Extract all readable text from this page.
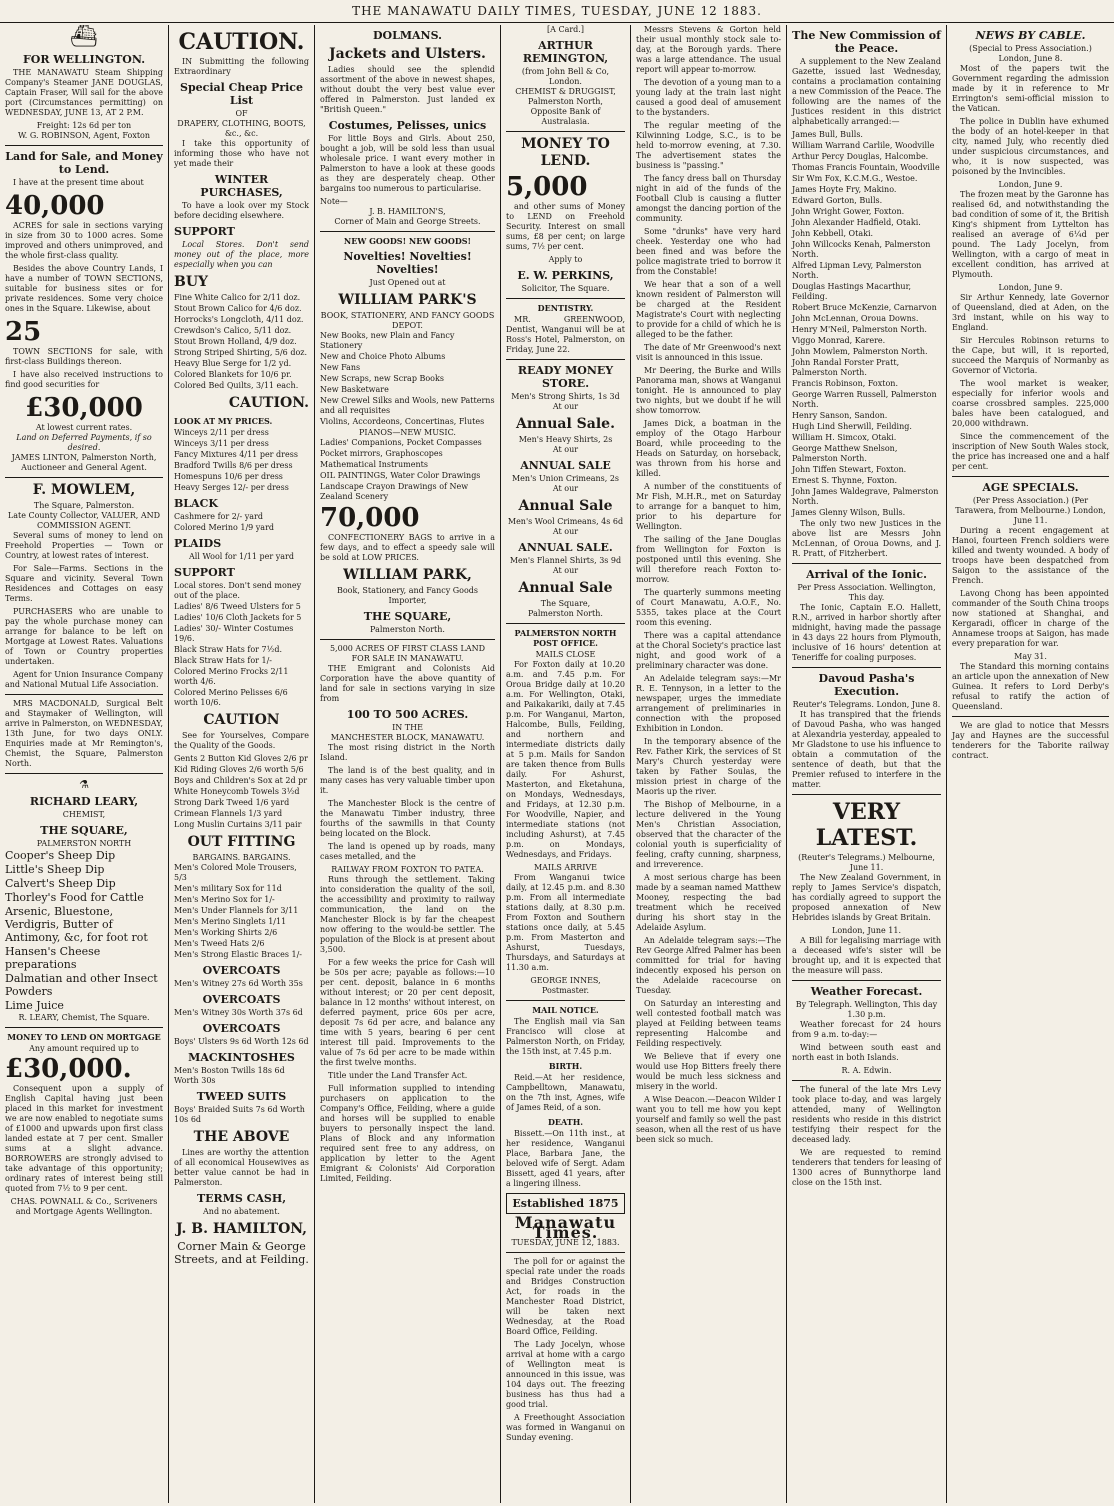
THE MANAWATU DAILY TIMES, TUESDAY, JUNE 12 1883.
⛴
FOR WELLINGTON.

THE MANAWATU Steam Shipping Company's Steamer JANE DOUGLAS, Captain Fraser, Will sail for the above port (Circumstances permitting) on WEDNESDAY, JUNE 13, AT 2 P.M.

Freight: 12s 6d per ton
W. G. ROBINSON, Agent, Foxton
Land for Sale, and Money to Lend.

I have at the present time about

40,000

ACRES for sale in sections varying in size from 30 to 1000 acres. Some improved and others unimproved, and the whole first-class quality.

Besides the above Country Lands, I have a number of TOWN SECTIONS, suitable for business sites or for private residences. Some very choice ones in the Square. Likewise, about

25

TOWN SECTIONS for sale, with first-class Buildings thereon.

I have also received instructions to find good securities for

£30,000
At lowest current rates.
Land on Deferred Payments, if so desired.
JAMES LINTON, Palmerston North, Auctioneer and General Agent.
F. MOWLEM,
The Square, Palmerston.
Late County Collector, VALUER, AND COMMISSION AGENT.

Several sums of money to lend on Freehold Properties — Town or Country, at lowest rates of interest.

For Sale—Farms. Sections in the Square and vicinity. Several Town Residences and Cottages on easy Terms.

PURCHASERS who are unable to pay the whole purchase money can arrange for balance to be left on Mortgage at Lowest Rates. Valuations of Town or Country properties undertaken.

Agent for Union Insurance Company and National Mutual Life Association.

MRS MACDONALD, Surgical Belt and Staymaker of Wellington, will arrive in Palmerston, on WEDNESDAY, 13th June, for two days ONLY. Enquiries made at Mr Remington's, Chemist, the Square, Palmerston North.

⚗
RICHARD LEARY,
CHEMIST,
THE SQUARE,
PALMERSTON NORTH
Cooper's Sheep Dip
Little's Sheep Dip
Calvert's Sheep Dip
Thorley's Food for Cattle
Arsenic, Bluestone, Verdigris, Butter of Antimony, &c, for foot rot
Hansen's Cheese preparations
Dalmatian and other Insect Powders
Lime Juice
R. LEARY, Chemist, The Square.
MONEY TO LEND ON MORTGAGE
Any amount required up to
£30,000.

Consequent upon a supply of English Capital having just been placed in this market for investment we are now enabled to negotiate sums of £1000 and upwards upon first class landed estate at 7 per cent. Smaller sums at a slight advance. BORROWERS are strongly advised to take advantage of this opportunity; ordinary rates of interest being still quoted from 7½ to 9 per cent.

CHAS. POWNALL & Co., Scriveners and Mortgage Agents Wellington.
CAUTION.

IN Submitting the following Extraordinary

Special Cheap Price List
OF
DRAPERY, CLOTHING, BOOTS, &c., &c.

I take this opportunity of informing those who have not yet made their

WINTER PURCHASES,

To have a look over my Stock before deciding elsewhere.

SUPPORT

Local Stores. Don't send money out of the place, more especially when you can

BUY
Fine White Calico for 2/11 doz.
Stout Brown Calico for 4/6 doz.
Horrocks's Longcloth, 4/11 doz.
Crewdson's Calico, 5/11 doz.
Stout Brown Holland, 4/9 doz.
Strong Striped Shirting, 5/6 doz.
Heavy Blue Serge for 1/2 yd.
Colored Blankets for 10/6 pr.
Colored Bed Quilts, 3/11 each.
CAUTION.
LOOK AT MY PRICES.
Winceys 2/11 per dress
Winceys 3/11 per dress
Fancy Mixtures 4/11 per dress
Bradford Twills 8/6 per dress
Homespuns 10/6 per dress
Heavy Serges 12/- per dress
BLACK
Cashmere for 2/- yard
Colored Merino 1/9 yard
PLAIDS
All Wool for 1/11 per yard
SUPPORT
Local stores. Don't send money out of the place.
Ladies' 8/6 Tweed Ulsters for 5
Ladies' 10/6 Cloth Jackets for 5
Ladies' 30/- Winter Costumes 19/6.
Black Straw Hats for 7½d.
Black Straw Hats for 1/-
Colored Merino Frocks 2/11 worth 4/6.
Colored Merino Pelisses 6/6 worth 10/6.
CAUTION

See for Yourselves, Compare the Quality of the Goods.

Gents 2 Button Kid Gloves 2/6 pr
Kid Riding Gloves 2/6 worth 5/6
Boys and Children's Sox at 2d pr
White Honeycomb Towels 3½d
Strong Dark Tweed 1/6 yard
Crimean Flannels 1/3 yard
Long Muslin Curtains 3/11 pair
OUT FITTING
BARGAINS. BARGAINS.
Men's Colored Mole Trousers, 5/3
Men's military Sox for 11d
Men's Merino Sox for 1/-
Men's Under Flannels for 3/11
Men's Merino Singlets 1/11
Men's Working Shirts 2/6
Men's Tweed Hats 2/6
Men's Strong Elastic Braces 1/-
OVERCOATS
Men's Witney 27s 6d Worth 35s
OVERCOATS
Men's Witney 30s Worth 37s 6d
OVERCOATS
Boys' Ulsters 9s 6d Worth 12s 6d
MACKINTOSHES
Men's Boston Twills 18s 6d Worth 30s
TWEED SUITS
Boys' Braided Suits 7s 6d Worth 10s 6d
THE ABOVE

Lines are worthy the attention of all economical Housewives as better value cannot be had in Palmerston.

TERMS CASH,
And no abatement.
J. B. HAMILTON,
Corner Main & George
Streets, and at Feilding.
DOLMANS.
Jackets and Ulsters.

Ladies should see the splendid assortment of the above in newest shapes, without doubt the very best value ever offered in Palmerston. Just landed ex "British Queen."

Costumes, Pelisses, unics

For little Boys and Girls. About 250, bought a job, will be sold less than usual wholesale price. I want every mother in Palmerston to have a look at these goods as they are desperately cheap. Other bargains too numerous to particularise.

Note—
J. B. HAMILTON'S,
Corner of Main and George Streets.
NEW GOODS! NEW GOODS!
Novelties! Novelties! Novelties!
Just Opened out at
WILLIAM PARK'S
BOOK, STATIONERY, AND FANCY GOODS DEPOT.
New Books, new Plain and Fancy Stationery
New and Choice Photo Albums
New Fans
New Scraps, new Scrap Books
New Basketware
New Crewel Silks and Wools, new Patterns and all requisites
Violins, Accordeons, Concertinas, Flutes
PIANOS—NEW MUSIC.
Ladies' Companions, Pocket Compasses
Pocket mirrors, Graphoscopes
Mathematical Instruments
OIL PAINTINGS, Water Color Drawings
Landscape Crayon Drawings of New Zealand Scenery
70,000

CONFECTIONERY BAGS to arrive in a few days, and to effect a speedy sale will be sold at LOW PRICES.

WILLIAM PARK,
Book, Stationery, and Fancy Goods Importer,
THE SQUARE,
Palmerston North.
5,000 ACRES OF FIRST CLASS LAND FOR SALE IN MANAWATU.

THE Emigrant and Colonists Aid Corporation have the above quantity of land for sale in sections varying in size from

100 TO 500 ACRES.
IN THE
MANCHESTER BLOCK, MANAWATU.

The most rising district in the North Island.

The land is of the best quality, and in many cases has very valuable timber upon it.

The Manchester Block is the centre of the Manawatu Timber industry, three fourths of the sawmills in that County being located on the Block.

The land is opened up by roads, many cases metalled, and the

RAILWAY FROM FOXTON TO PATEA.

Runs through the settlement. Taking into consideration the quality of the soil, the accessibility and proximity to railway communication, the land on the Manchester Block is by far the cheapest now offering to the would-be settler. The population of the Block is at present about 3,500.

For a few weeks the price for Cash will be 50s per acre; payable as follows:—10 per cent. deposit, balance in 6 months without interest; or 20 per cent deposit, balance in 12 months' without interest, on deferred payment, price 60s per acre, deposit 7s 6d per acre, and balance any time with 5 years, bearing 6 per cent interest till paid. Improvements to the value of 7s 6d per acre to be made within the first twelve months.

Title under the Land Transfer Act.

Full information supplied to intending purchasers on application to the Company's Office, Feilding, where a guide and horses will be supplied to enable buyers to personally inspect the land. Plans of Block and any information required sent free to any address, on application by letter to the Agent Emigrant & Colonists' Aid Corporation Limited, Feilding.

[A Card.]
ARTHUR REMINGTON,
(from John Bell & Co, London.
CHEMIST & DRUGGIST,
Palmerston North,
Opposite Bank of Australasia.
MONEY TO LEND.
5,000

and other sums of Money to LEND on Freehold Security. Interest on small sums, £8 per cent; on large sums, 7½ per cent.

Apply to
E. W. PERKINS,
Solicitor, The Square.
DENTISTRY.

MR. GREENWOOD, Dentist, Wanganui will be at Ross's Hotel, Palmerston, on Friday, June 22.

READY MONEY STORE.
Men's Strong Shirts, 1s 3d
At our
Annual Sale.
Men's Heavy Shirts, 2s
At our
ANNUAL SALE
Men's Union Crimeans, 2s
At our
Annual Sale
Men's Wool Crimeans, 4s 6d
At our
ANNUAL SALE.
Men's Flannel Shirts, 3s 9d
At our
Annual Sale
The Square,
Palmerston North.
PALMERSTON NORTH POST OFFICE.
MAILS CLOSE

For Foxton daily at 10.20 a.m. and 7.45 p.m. For Oroua Bridge daily at 10.20 a.m. For Wellington, Otaki, and Paikakariki, daily at 7.45 p.m. For Wanganui, Marton, Halcombe, Bulls, Feilding, and northern and intermediate districts daily at 5 p.m. Mails for Sandon are taken thence from Bulls daily. For Ashurst, Masterton, and Eketahuna, on Mondays, Wednesdays, and Fridays, at 12.30 p.m. For Woodville, Napier, and intermediate stations (not including Ashurst), at 7.45 p.m. on Mondays, Wednesdays, and Fridays.

MAILS ARRIVE

From Wanganui twice daily, at 12.45 p.m. and 8.30 p.m. From all intermediate stations daily, at 8.30 p.m. From Foxton and Southern stations once daily, at 5.45 p.m. From Masterton and Ashurst, Tuesdays, Thursdays, and Saturdays at 11.30 a.m.

GEORGE INNES, Postmaster.
MAIL NOTICE.

The English mail via San Francisco will close at Palmerston North, on Friday, the 15th inst, at 7.45 p.m.

BIRTH.

Reid.—At her residence, Campbelltown, Manawatu, on the 7th inst, Agnes, wife of James Reid, of a son.

DEATH.

Bissett.—On 11th inst., at her residence, Wanganui Place, Barbara Jane, the beloved wife of Sergt. Adam Bissett, aged 41 years, after a lingering illness.

Established 1875
Manawatu Times.
TUESDAY, JUNE 12, 1883.

The poll for or against the special rate under the roads and Bridges Construction Act, for roads in the Manchester Road District, will be taken next Wednesday, at the Road Board Office, Feilding.

The Lady Jocelyn, whose arrival at home with a cargo of Wellington meat is announced in this issue, was 104 days out. The freezing business has thus had a good trial.

A Freethought Association was formed in Wanganui on Sunday evening.

Messrs Stevens & Gorton held their usual monthly stock sale to-day, at the Borough yards. There was a large attendance. The usual report will appear to-morrow.

The devotion of a young man to a young lady at the train last night caused a good deal of amusement to the bystanders.

The regular meeting of the Kilwinning Lodge, S.C., is to be held to-morrow evening, at 7.30. The advertisement states the business is "passing."

The fancy dress ball on Thursday night in aid of the funds of the Football Club is causing a flutter amongst the dancing portion of the community.

Some "drunks" have very hard cheek. Yesterday one who had been fined and was before the police magistrate tried to borrow it from the Constable!

We hear that a son of a well known resident of Palmerston will be charged at the Resident Magistrate's Court with neglecting to provide for a child of which he is alleged to be the father.

The date of Mr Greenwood's next visit is announced in this issue.

Mr Deering, the Burke and Wills Panorama man, shows at Wanganui tonight. He is announced to play two nights, but we doubt if he will show tomorrow.

James Dick, a boatman in the employ of the Otago Harbour Board, while proceeding to the Heads on Saturday, on horseback, was thrown from his horse and killed.

A number of the constituents of Mr Fish, M.H.R., met on Saturday to arrange for a banquet to him, prior to his departure for Wellington.

The sailing of the Jane Douglas from Wellington for Foxton is postponed until this evening. She will therefore reach Foxton to-morrow.

The quarterly summons meeting of Court Manawatu, A.O.F., No. 5355, takes place at the Court room this evening.

There was a capital attendance at the Choral Society's practice last night, and good work of a preliminary character was done.

An Adelaide telegram says:—Mr R. E. Tennyson, in a letter to the newspaper, urges the immediate arrangement of preliminaries in connection with the proposed Exhibition in London.

In the temporary absence of the Rev. Father Kirk, the services of St Mary's Church yesterday were taken by Father Soulas, the mission priest in charge of the Maoris up the river.

The Bishop of Melbourne, in a lecture delivered in the Young Men's Christian Association, observed that the character of the colonial youth is superficiality of feeling, crafty cunning, sharpness, and irreverence.

A most serious charge has been made by a seaman named Matthew Mooney, respecting the bad treatment which he received during his short stay in the Adelaide Asylum.

An Adelaide telegram says:—The Rev George Alfred Palmer has been committed for trial for having indecently exposed his person on the Adelaide racecourse on Tuesday.

On Saturday an interesting and well contested football match was played at Feilding between teams representing Halcombe and Feilding respectively.

We Believe that if every one would use Hop Bitters freely there would be much less sickness and misery in the world.

A Wise Deacon.—Deacon Wilder I want you to tell me how you kept yourself and family so well the past season, when all the rest of us have been sick so much.

The New Commission of the Peace.

A supplement to the New Zealand Gazette, issued last Wednesday, contains a proclamation containing a new Commission of the Peace. The following are the names of the Justices resident in this district alphabetically arranged:—

James Bull, Bulls.
William Warrand Carlile, Woodville
Arthur Percy Douglas, Halcombe.
Thomas Francis Fountain, Woodville
Sir Wm Fox, K.C.M.G., Westoe.
James Hoyte Fry, Makino.
Edward Gorton, Bulls.
John Wright Gower, Foxton.
John Alexander Hadfield, Otaki.
John Kebbell, Otaki.
John Willcocks Kenah, Palmerston North.
Alfred Lipman Levy, Palmerston North.
Douglas Hastings Macarthur, Feilding.
Robert Bruce McKenzie, Carnarvon
John McLennan, Oroua Downs.
Henry M'Neil, Palmerston North.
Viggo Monrad, Karere.
John Mowlem, Palmerston North.
John Randal Forster Pratt, Palmerston North.
Francis Robinson, Foxton.
George Warren Russell, Palmerston North.
Henry Sanson, Sandon.
Hugh Lind Sherwill, Feilding.
William H. Simcox, Otaki.
George Matthew Snelson, Palmerston North.
John Tiffen Stewart, Foxton.
Ernest S. Thynne, Foxton.
John James Waldegrave, Palmerston North.
James Glenny Wilson, Bulls.

The only two new Justices in the above list are Messrs John McLennan, of Oroua Downs, and J. R. Pratt, of Fitzherbert.

Arrival of the Ionic.
Per Press Association. Wellington, This day.

The Ionic, Captain E.O. Hallett, R.N., arrived in harbor shortly after midnight, having made the passage in 43 days 22 hours from Plymouth, inclusive of 16 hours' detention at Teneriffe for coaling purposes.

Davoud Pasha's Execution.
Reuter's Telegrams. London, June 8.

It has transpired that the friends of Davoud Pasha, who was hanged at Alexandria yesterday, appealed to Mr Gladstone to use his influence to obtain a commutation of the sentence of death, but that the Premier refused to interfere in the matter.

VERY LATEST.
(Reuter's Telegrams.) Melbourne, June 11.

The New Zealand Government, in reply to James Service's dispatch, has cordially agreed to support the proposed annexation of New Hebrides islands by Great Britain.

London, June 11.

A Bill for legalising marriage with a deceased wife's sister will be brought up, and it is expected that the measure will pass.

Weather Forecast.
By Telegraph. Wellington, This day 1.30 p.m.

Weather forecast for 24 hours from 9 a.m. to-day:—

Wind between south east and north east in both Islands.

R. A. Edwin.

The funeral of the late Mrs Levy took place to-day, and was largely attended, many of Wellington residents who reside in this district testifying their respect for the deceased lady.

We are requested to remind tenderers that tenders for leasing of 1300 acres of Bunnythorpe land close on the 15th inst.

NEWS BY CABLE.
(Special to Press Association.) London, June 8.

Most of the papers twit the Government regarding the admission made by it in reference to Mr Errington's semi-official mission to the Vatican.

The police in Dublin have exhumed the body of an hotel-keeper in that city, named July, who recently died under suspicious circumstances, and who, it is now suspected, was poisoned by the Invincibles.

London, June 9.

The frozen meat by the Garonne has realised 6d, and notwithstanding the bad condition of some of it, the British King's shipment from Lyttelton has realised an average of 6¼d per pound. The Lady Jocelyn, from Wellington, with a cargo of meat in excellent condition, has arrived at Plymouth.

London, June 9.

Sir Arthur Kennedy, late Governor of Queensland, died at Aden, on the 3rd instant, while on his way to England.

Sir Hercules Robinson returns to the Cape, but will, it is reported, succeed the Marquis of Normanby as Governor of Victoria.

The wool market is weaker, especially for inferior wools and coarse crossbred samples. 225,000 bales have been catalogued, and 20,000 withdrawn.

Since the commencement of the inscription of New South Wales stock, the price has increased one and a half per cent.

AGE SPECIALS.
(Per Press Association.) (Per Tarawera, from Melbourne.) London, June 11.

During a recent engagement at Hanoi, fourteen French soldiers were killed and twenty wounded. A body of troops have been despatched from Saigon to the assistance of the French.

Lavong Chong has been appointed commander of the South China troops now stationed at Shanghai, and Kergaradi, officer in charge of the Annamese troops at Saigon, has made every preparation for war.

May 31.

The Standard this morning contains an article upon the annexation of New Guinea. It refers to Lord Derby's refusal to ratify the action of Queensland.

We are glad to notice that Messrs Jay and Haynes are the successful tenderers for the Taborite railway contract.
